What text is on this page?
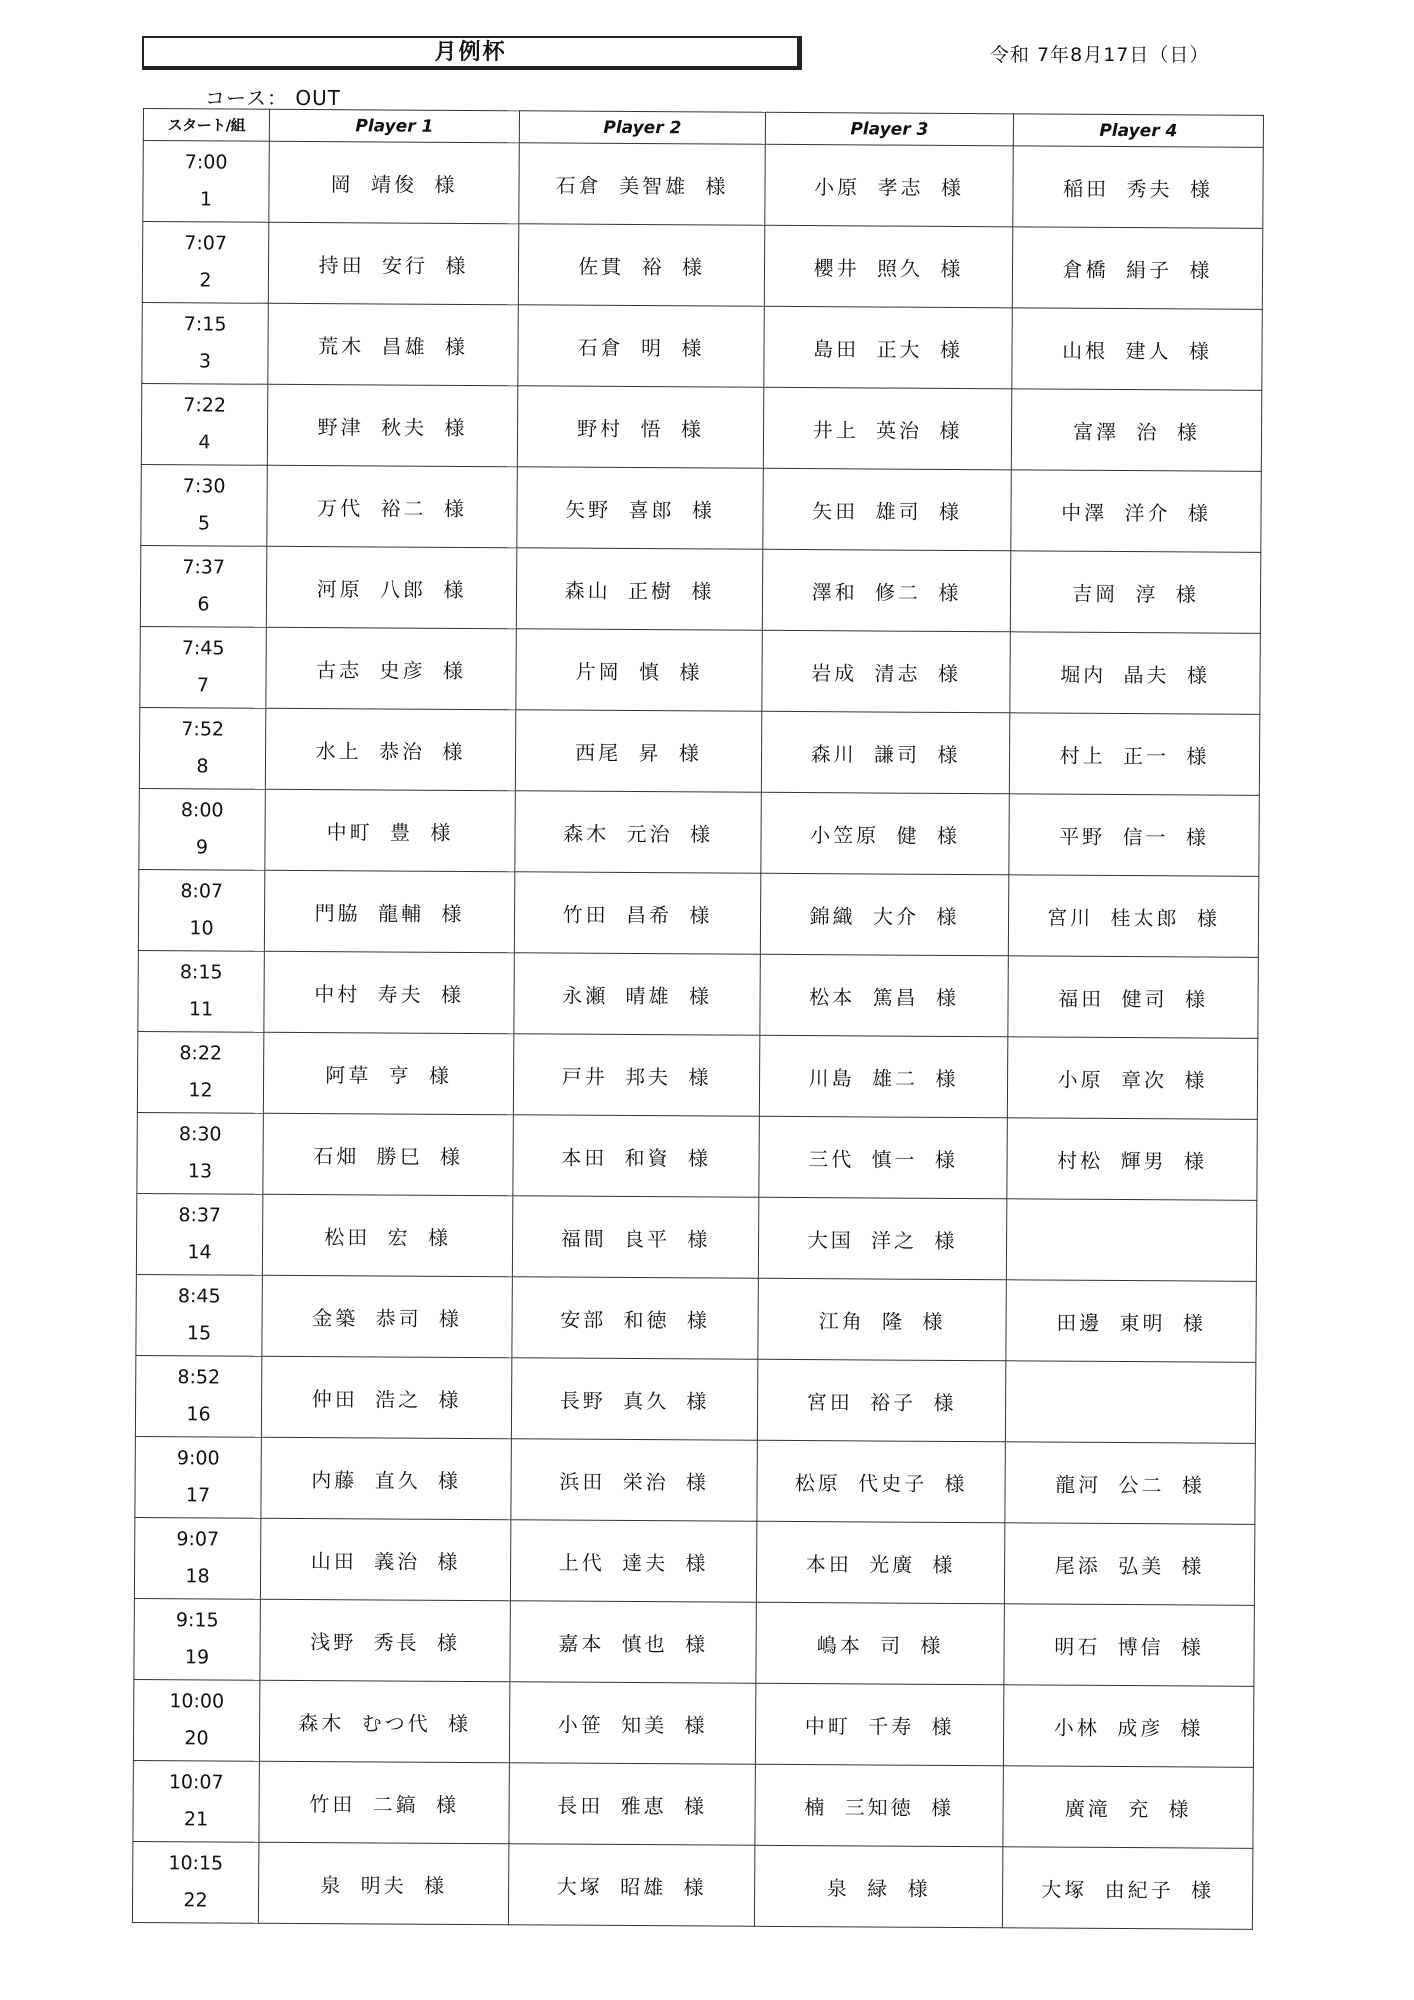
月例杯	令和 7年8月17日（日）
コース： OUT
スタート/組	Player 1	Player 2	Player 3	Player 4

7:00
1	岡 靖俊 様	石倉 美智雄 様	小原 孝志 様	稲田 秀夫 様

7:07
2	持田 安行 様	佐貫 裕 様	櫻井 照久 様	倉橋 絹子 様

7:15
3	荒木 昌雄 様	石倉 明 様	島田 正大 様	山根 建人 様

7:22
4	野津 秋夫 様	野村 悟 様	井上 英治 様	富澤 治 様

7:30
5	万代 裕二 様	矢野 喜郎 様	矢田 雄司 様	中澤 洋介 様

7:37
6	河原 八郎 様	森山 正樹 様	澤和 修二 様	吉岡 淳 様

7:45
7	古志 史彦 様	片岡 慎 様	岩成 清志 様	堀内 晶夫 様

7:52
8	水上 恭治 様	西尾 昇 様	森川 謙司 様	村上 正一 様

8:00
9	中町 豊 様	森木 元治 様	小笠原 健 様	平野 信一 様

8:07
10	門脇 龍輔 様	竹田 昌希 様	錦織 大介 様	宮川 桂太郎 様

8:15
11	中村 寿夫 様	永瀬 晴雄 様	松本 篤昌 様	福田 健司 様

8:22
12	阿草 亨 様	戸井 邦夫 様	川島 雄二 様	小原 章次 様

8:30
13	石畑 勝巳 様	本田 和資 様	三代 慎一 様	村松 輝男 様

8:37
14	松田 宏 様	福間 良平 様	大国 洋之 様	

8:45
15	金築 恭司 様	安部 和徳 様	江角 隆 様	田邊 東明 様

8:52
16	仲田 浩之 様	長野 真久 様	宮田 裕子 様	

9:00
17	内藤 直久 様	浜田 栄治 様	松原 代史子 様	龍河 公二 様

9:07
18	山田 義治 様	上代 達夫 様	本田 光廣 様	尾添 弘美 様

9:15
19	浅野 秀長 様	嘉本 慎也 様	嶋本 司 様	明石 博信 様

10:00
20	森木 むつ代 様	小笹 知美 様	中町 千寿 様	小林 成彦 様

10:07
21	竹田 二鎬 様	長田 雅恵 様	楠 三知徳 様	廣滝 充 様

10:15
22	泉 明夫 様	大塚 昭雄 様	泉 緑 様	大塚 由紀子 様
